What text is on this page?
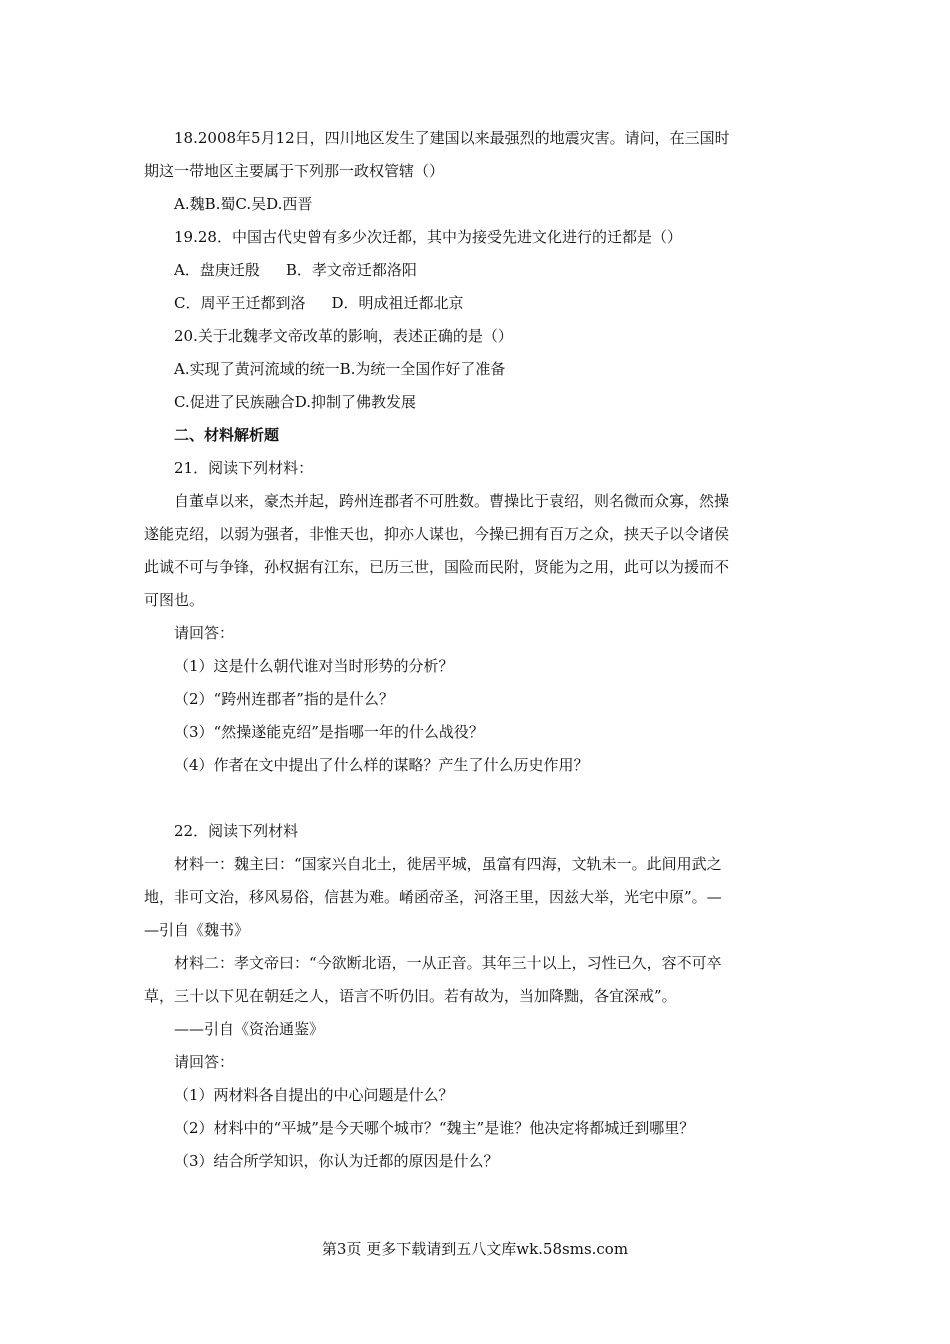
18.2008年5月12日，四川地区发生了建国以来最强烈的地震灾害。请问，在三国时
期这一带地区主要属于下列那一政权管辖（）
A.魏B.蜀C.吴D.西晋
19.28．中国古代史曾有多少次迁都，其中为接受先进文化进行的迁都是（）
A．盘庚迁殷 B．孝文帝迁都洛阳
C．周平王迁都到洛 D．明成祖迁都北京
20.关于北魏孝文帝改革的影响，表述正确的是（）
A.实现了黄河流域的统一B.为统一全国作好了准备
C.促进了民族融合D.抑制了佛教发展
二、材料解析题
21．阅读下列材料：
自董卓以来，豪杰并起，跨州连郡者不可胜数。曹操比于袁绍，则名微而众寡，然操
遂能克绍，以弱为强者，非惟天也，抑亦人谋也，今操已拥有百万之众，挟天子以令诸侯
此诚不可与争锋，孙权据有江东，已历三世，国险而民附，贤能为之用，此可以为援而不
可图也。
请回答：
（1）这是什么朝代谁对当时形势的分析？
（2）“跨州连郡者”指的是什么？
（3）“然操遂能克绍”是指哪一年的什么战役？
（4）作者在文中提出了什么样的谋略？产生了什么历史作用？
22．阅读下列材料
材料一：魏主曰：“国家兴自北土，徙居平城，虽富有四海，文轨未一。此间用武之
地，非可文治，移风易俗，信甚为难。崤函帝圣，河洛王里，因兹大举，光宅中原”。—
—引自《魏书》
材料二：孝文帝曰：“今欲断北语，一从正音。其年三十以上，习性已久，容不可卒
草，三十以下见在朝廷之人，语言不听仍旧。若有故为，当加降黜，各宜深戒”。
——引自《资治通鉴》
请回答：
（1）两材料各自提出的中心问题是什么？
（2）材料中的“平城”是今天哪个城市？“魏主”是谁？他决定将都城迁到哪里？
（3）结合所学知识，你认为迁都的原因是什么？
第3页 更多下载请到五八文库wk.58sms.com
